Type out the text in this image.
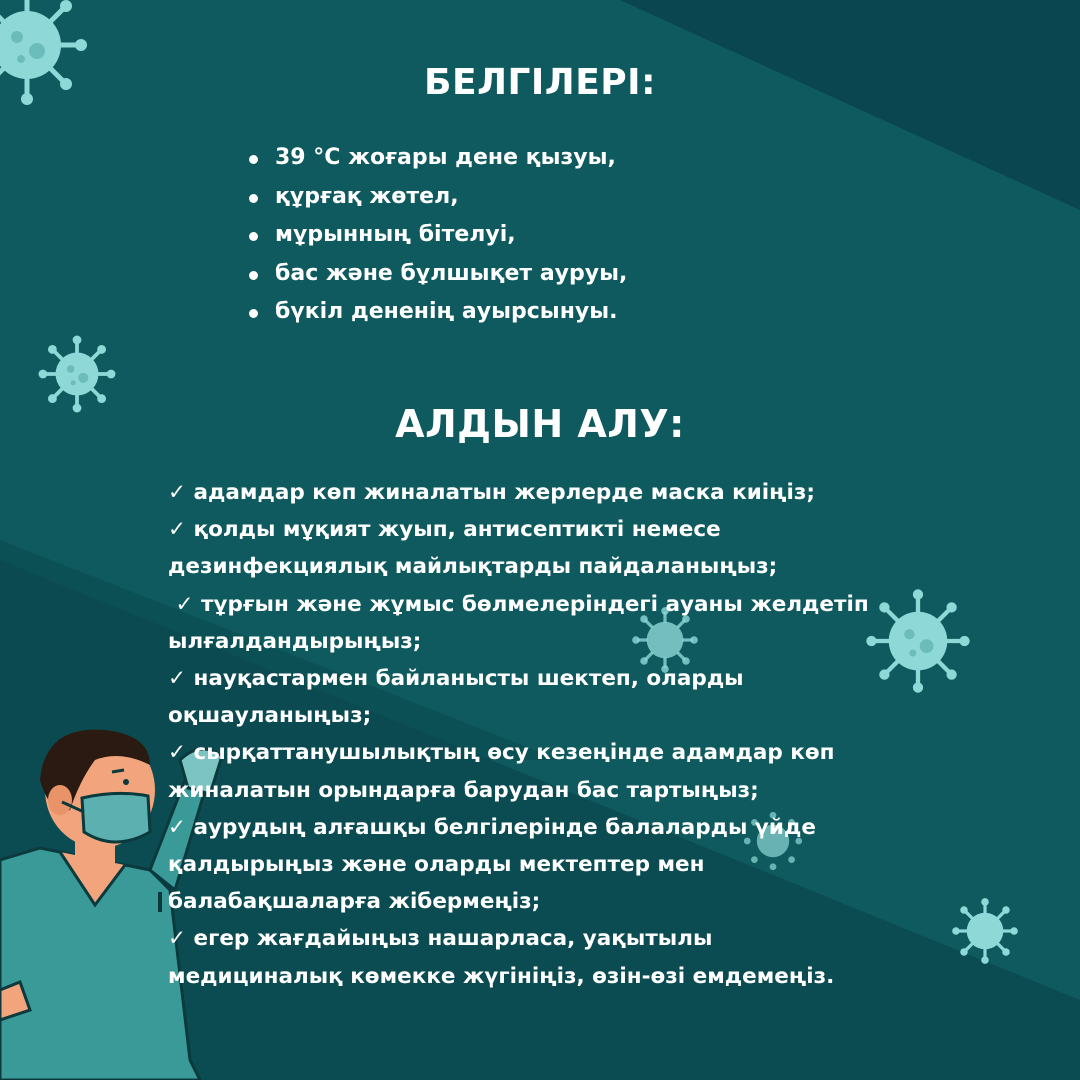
БЕЛГІЛЕРІ:
39 °С жоғары дене қызуы,
құрғақ жөтел,
мұрынның бітелуі,
бас және бұлшықет ауруы,
бүкіл дененің ауырсынуы.
АЛДЫН АЛУ:
✓ адамдар көп жиналатын жерлерде маска киіңіз;
✓ қолды мұқият жуып, антисептикті немесе
дезинфекциялық майлықтарды пайдаланыңыз;
✓ тұрғын және жұмыс бөлмелеріндегі ауаны желдетіп
ылғалдандырыңыз;
✓ науқастармен байланысты шектеп, оларды
оқшауланыңыз;
✓ сырқаттанушылықтың өсу кезеңінде адамдар көп
жиналатын орындарға барудан бас тартыңыз;
✓ аурудың алғашқы белгілерінде балаларды үйде
қалдырыңыз және оларды мектептер мен
балабақшаларға жібермеңіз;
✓ егер жағдайыңыз нашарласа, уақытылы
медициналық көмекке жүгініңіз, өзін-өзі емдемеңіз.
